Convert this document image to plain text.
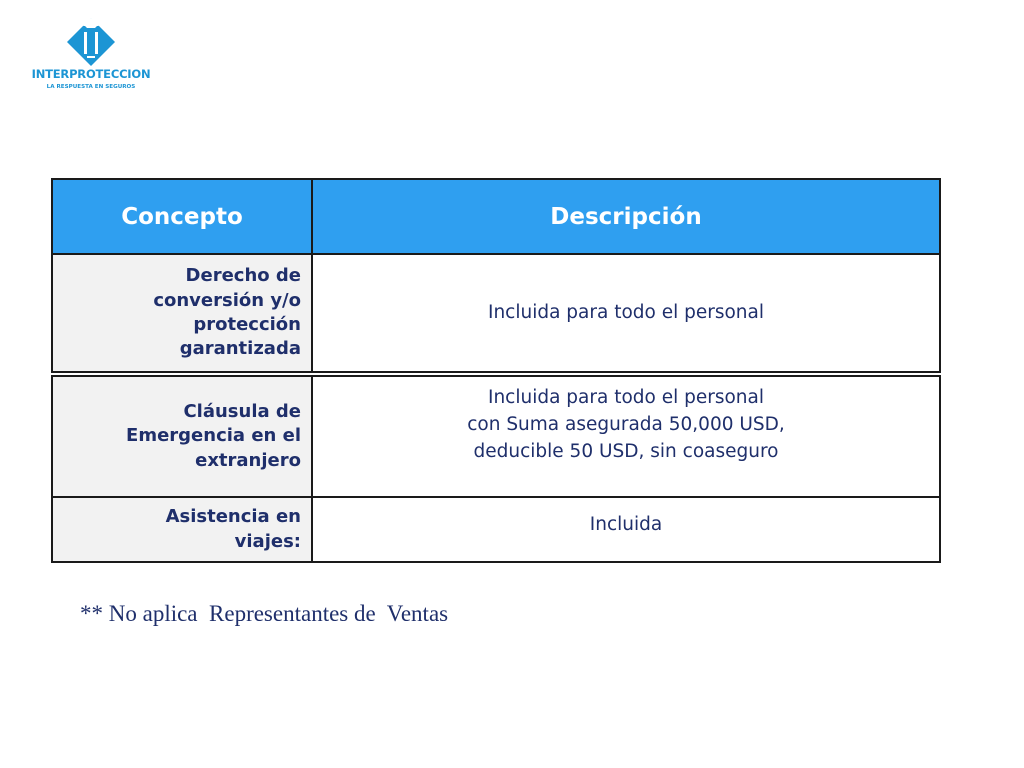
INTERPROTECCION
LA RESPUESTA EN SEGUROS
Concepto	Descripción
Derecho de
conversión y/o
protección
garantizada
Incluida para todo el personal
Cláusula de
Emergencia en el
extranjero
Incluida para todo el personal
con Suma asegurada 50,000 USD,
deducible 50 USD, sin coaseguro
Asistencia en
viajes:
Incluida
** No aplica  Representantes de  Ventas
